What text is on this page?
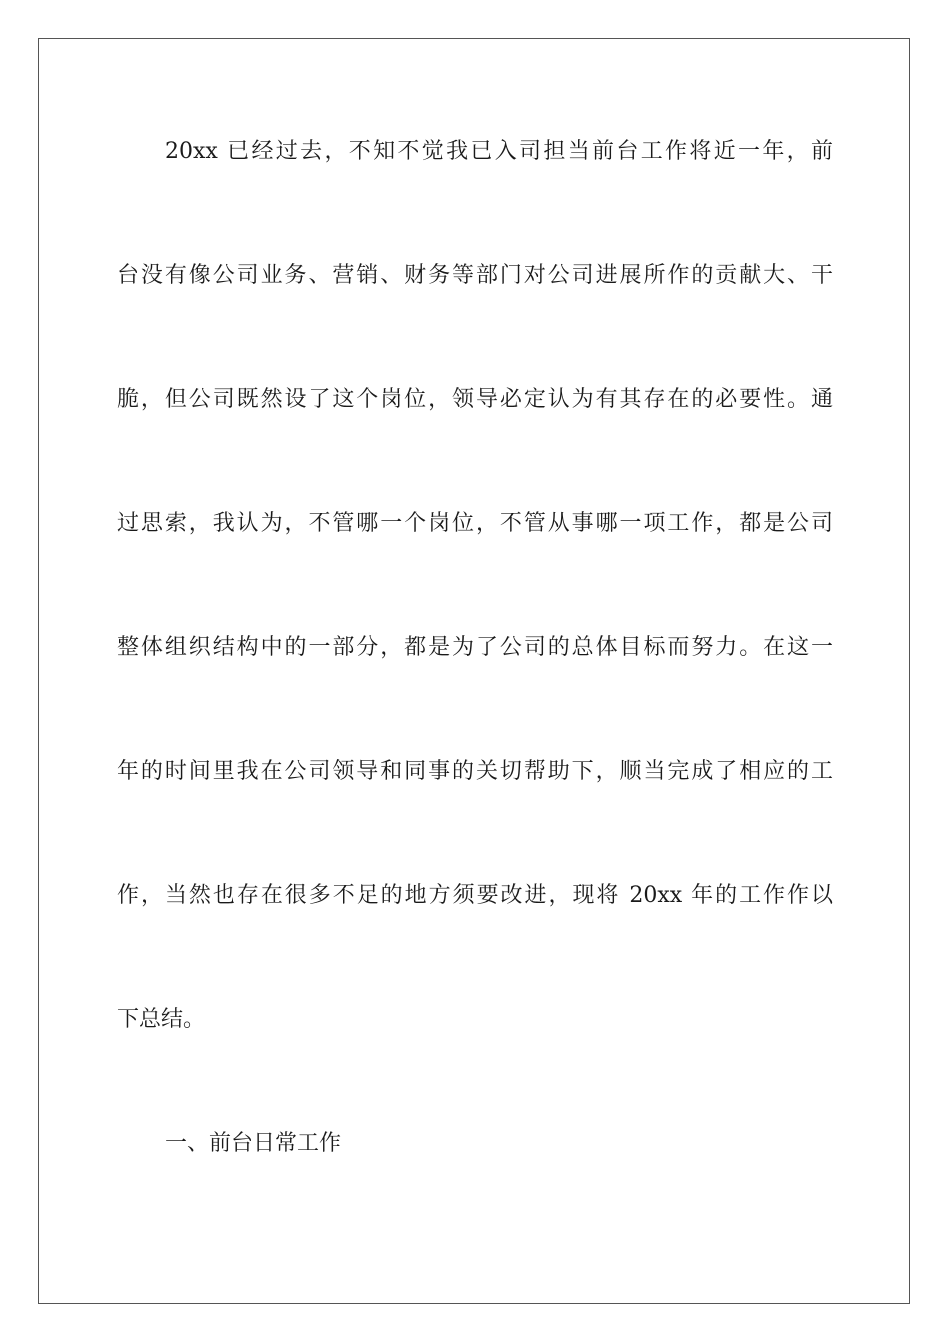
20xx 已经过去，不知不觉我已入司担当前台工作将近一年，前
台没有像公司业务、营销、财务等部门对公司进展所作的贡献大、干
脆，但公司既然设了这个岗位，领导必定认为有其存在的必要性。通
过思索，我认为，不管哪一个岗位，不管从事哪一项工作，都是公司
整体组织结构中的一部分，都是为了公司的总体目标而努力。在这一
年的时间里我在公司领导和同事的关切帮助下，顺当完成了相应的工
作，当然也存在很多不足的地方须要改进，现将 20xx 年的工作作以
下总结。
一、前台日常工作
